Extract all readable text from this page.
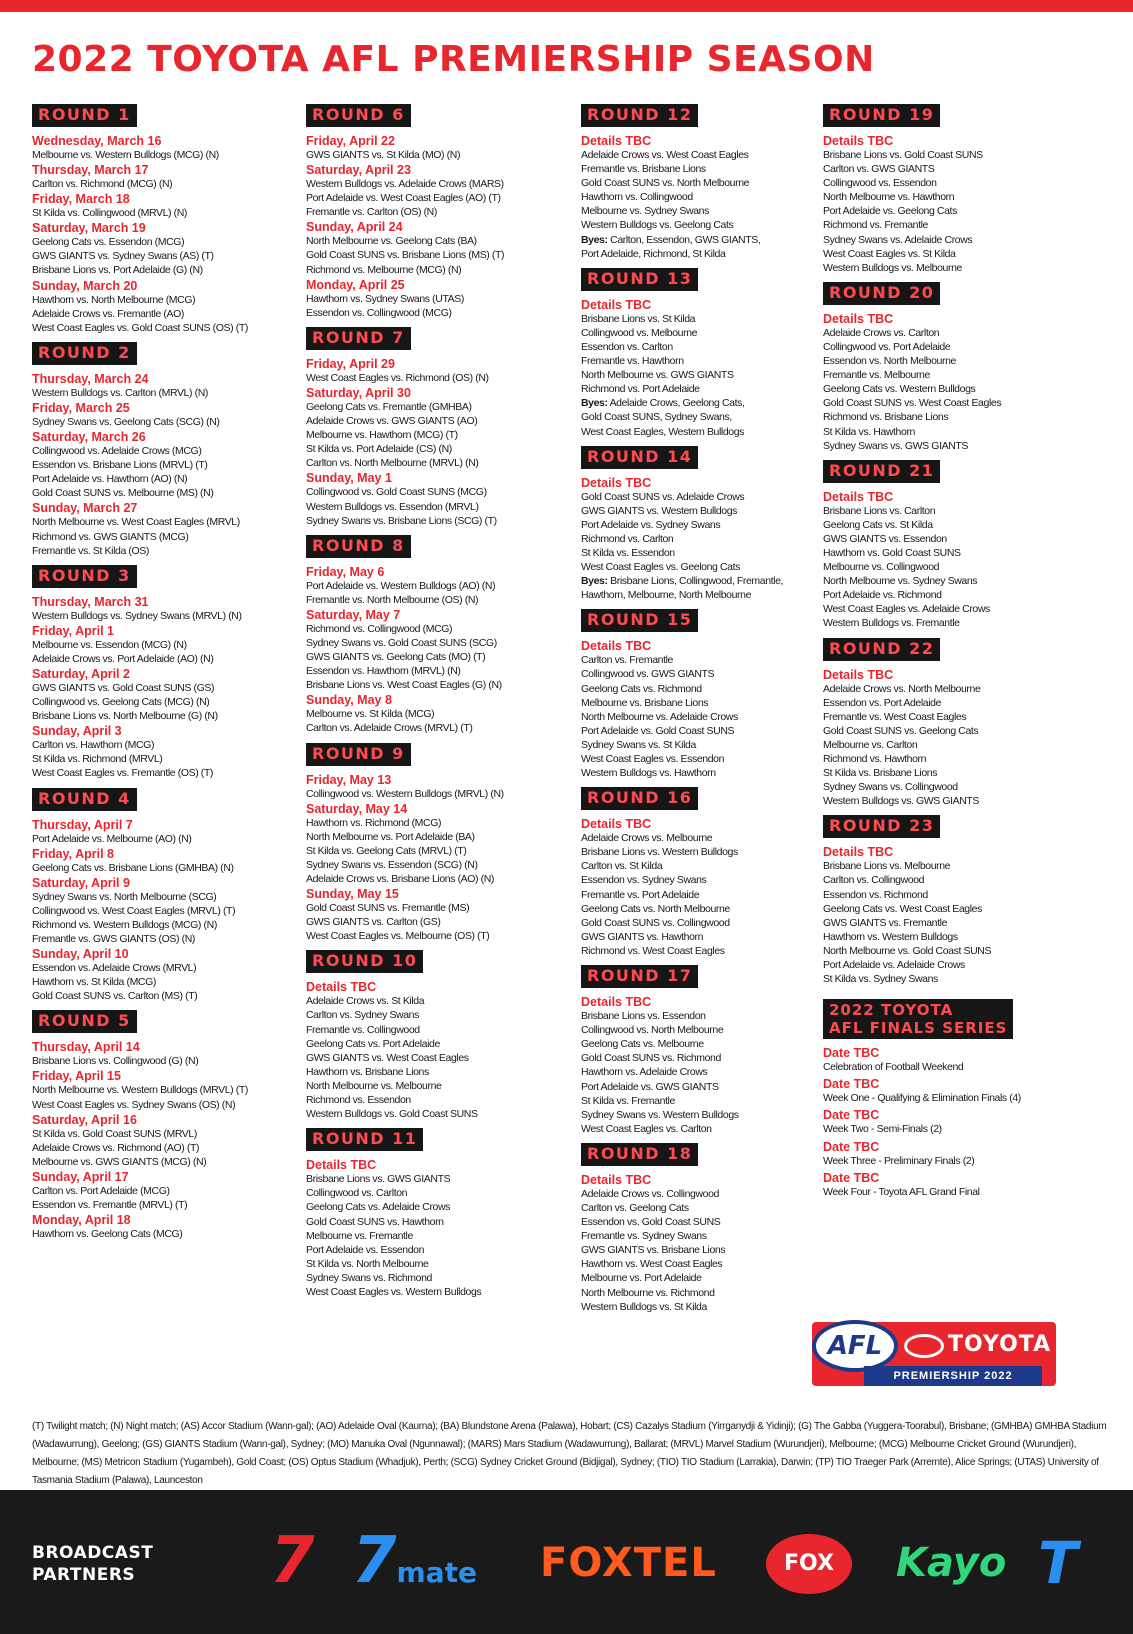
2022 TOYOTA AFL PREMIERSHIP SEASON
ROUND 1
Wednesday, March 16
Melbourne vs. Western Bulldogs (MCG) (N)
Thursday, March 17
Carlton vs. Richmond (MCG) (N)
Friday, March 18
St Kilda vs. Collingwood (MRVL) (N)
Saturday, March 19
Geelong Cats vs. Essendon (MCG)
GWS GIANTS vs. Sydney Swans (AS) (T)
Brisbane Lions vs. Port Adelaide (G) (N)
Sunday, March 20
Hawthorn vs. North Melbourne (MCG)
Adelaide Crows vs. Fremantle (AO)
West Coast Eagles vs. Gold Coast SUNS (OS) (T)
ROUND 2
Thursday, March 24
Western Bulldogs vs. Carlton (MRVL) (N)
Friday, March 25
Sydney Swans vs. Geelong Cats (SCG) (N)
Saturday, March 26
Collingwood vs. Adelaide Crows (MCG)
Essendon vs. Brisbane Lions (MRVL) (T)
Port Adelaide vs. Hawthorn (AO) (N)
Gold Coast SUNS vs. Melbourne (MS) (N)
Sunday, March 27
North Melbourne vs. West Coast Eagles (MRVL)
Richmond vs. GWS GIANTS (MCG)
Fremantle vs. St Kilda (OS)
ROUND 3
Thursday, March 31
Western Bulldogs vs. Sydney Swans (MRVL) (N)
Friday, April 1
Melbourne vs. Essendon (MCG) (N)
Adelaide Crows vs. Port Adelaide (AO) (N)
Saturday, April 2
GWS GIANTS vs. Gold Coast SUNS (GS)
Collingwood vs. Geelong Cats (MCG) (N)
Brisbane Lions vs. North Melbourne (G) (N)
Sunday, April 3
Carlton vs. Hawthorn (MCG)
St Kilda vs. Richmond (MRVL)
West Coast Eagles vs. Fremantle (OS) (T)
ROUND 4
Thursday, April 7
Port Adelaide vs. Melbourne (AO) (N)
Friday, April 8
Geelong Cats vs. Brisbane Lions (GMHBA) (N)
Saturday, April 9
Sydney Swans vs. North Melbourne (SCG)
Collingwood vs. West Coast Eagles (MRVL) (T)
Richmond vs. Western Bulldogs (MCG) (N)
Fremantle vs. GWS GIANTS (OS) (N)
Sunday, April 10
Essendon vs. Adelaide Crows (MRVL)
Hawthorn vs. St Kilda (MCG)
Gold Coast SUNS vs. Carlton (MS) (T)
ROUND 5
Thursday, April 14
Brisbane Lions vs. Collingwood (G) (N)
Friday, April 15
North Melbourne vs. Western Bulldogs (MRVL) (T)
West Coast Eagles vs. Sydney Swans (OS) (N)
Saturday, April 16
St Kilda vs. Gold Coast SUNS (MRVL)
Adelaide Crows vs. Richmond (AO) (T)
Melbourne vs. GWS GIANTS (MCG) (N)
Sunday, April 17
Carlton vs. Port Adelaide (MCG)
Essendon vs. Fremantle (MRVL) (T)
Monday, April 18
Hawthorn vs. Geelong Cats (MCG)
ROUND 6
Friday, April 22
GWS GIANTS vs. St Kilda (MO) (N)
Saturday, April 23
Western Bulldogs vs. Adelaide Crows (MARS)
Port Adelaide vs. West Coast Eagles (AO) (T)
Fremantle vs. Carlton (OS) (N)
Sunday, April 24
North Melbourne vs. Geelong Cats (BA)
Gold Coast SUNS vs. Brisbane Lions (MS) (T)
Richmond vs. Melbourne (MCG) (N)
Monday, April 25
Hawthorn vs. Sydney Swans (UTAS)
Essendon vs. Collingwood (MCG)
ROUND 7
Friday, April 29
West Coast Eagles vs. Richmond (OS) (N)
Saturday, April 30
Geelong Cats vs. Fremantle (GMHBA)
Adelaide Crows vs. GWS GIANTS (AO)
Melbourne vs. Hawthorn (MCG) (T)
St Kilda vs. Port Adelaide (CS) (N)
Carlton vs. North Melbourne (MRVL) (N)
Sunday, May 1
Collingwood vs. Gold Coast SUNS (MCG)
Western Bulldogs vs. Essendon (MRVL)
Sydney Swans vs. Brisbane Lions (SCG) (T)
ROUND 8
Friday, May 6
Port Adelaide vs. Western Bulldogs (AO) (N)
Fremantle vs. North Melbourne (OS) (N)
Saturday, May 7
Richmond vs. Collingwood (MCG)
Sydney Swans vs. Gold Coast SUNS (SCG)
GWS GIANTS vs. Geelong Cats (MO) (T)
Essendon vs. Hawthorn (MRVL) (N)
Brisbane Lions vs. West Coast Eagles (G) (N)
Sunday, May 8
Melbourne vs. St Kilda (MCG)
Carlton vs. Adelaide Crows (MRVL) (T)
ROUND 9
Friday, May 13
Collingwood vs. Western Bulldogs (MRVL) (N)
Saturday, May 14
Hawthorn vs. Richmond (MCG)
North Melbourne vs. Port Adelaide (BA)
St Kilda vs. Geelong Cats (MRVL) (T)
Sydney Swans vs. Essendon (SCG) (N)
Adelaide Crows vs. Brisbane Lions (AO) (N)
Sunday, May 15
Gold Coast SUNS vs. Fremantle (MS)
GWS GIANTS vs. Carlton (GS)
West Coast Eagles vs. Melbourne (OS) (T)
ROUND 10
Details TBC
Adelaide Crows vs. St Kilda
Carlton vs. Sydney Swans
Fremantle vs. Collingwood
Geelong Cats vs. Port Adelaide
GWS GIANTS vs. West Coast Eagles
Hawthorn vs. Brisbane Lions
North Melbourne vs. Melbourne
Richmond vs. Essendon
Western Bulldogs vs. Gold Coast SUNS
ROUND 11
Details TBC
Brisbane Lions vs. GWS GIANTS
Collingwood vs. Carlton
Geelong Cats vs. Adelaide Crows
Gold Coast SUNS vs. Hawthorn
Melbourne vs. Fremantle
Port Adelaide vs. Essendon
St Kilda vs. North Melbourne
Sydney Swans vs. Richmond
West Coast Eagles vs. Western Bulldogs
ROUND 12
Details TBC
Adelaide Crows vs. West Coast Eagles
Fremantle vs. Brisbane Lions
Gold Coast SUNS vs. North Melbourne
Hawthorn vs. Collingwood
Melbourne vs. Sydney Swans
Western Bulldogs vs. Geelong Cats
Byes: Carlton, Essendon, GWS GIANTS,
Port Adelaide, Richmond, St Kilda
ROUND 13
Details TBC
Brisbane Lions vs. St Kilda
Collingwood vs. Melbourne
Essendon vs. Carlton
Fremantle vs. Hawthorn
North Melbourne vs. GWS GIANTS
Richmond vs. Port Adelaide
Byes: Adelaide Crows, Geelong Cats,
Gold Coast SUNS, Sydney Swans,
West Coast Eagles, Western Bulldogs
ROUND 14
Details TBC
Gold Coast SUNS vs. Adelaide Crows
GWS GIANTS vs. Western Bulldogs
Port Adelaide vs. Sydney Swans
Richmond vs. Carlton
St Kilda vs. Essendon
West Coast Eagles vs. Geelong Cats
Byes: Brisbane Lions, Collingwood, Fremantle,
Hawthorn, Melbourne, North Melbourne
ROUND 15
Details TBC
Carlton vs. Fremantle
Collingwood vs. GWS GIANTS
Geelong Cats vs. Richmond
Melbourne vs. Brisbane Lions
North Melbourne vs. Adelaide Crows
Port Adelaide vs. Gold Coast SUNS
Sydney Swans vs. St Kilda
West Coast Eagles vs. Essendon
Western Bulldogs vs. Hawthorn
ROUND 16
Details TBC
Adelaide Crows vs. Melbourne
Brisbane Lions vs. Western Bulldogs
Carlton vs. St Kilda
Essendon vs. Sydney Swans
Fremantle vs. Port Adelaide
Geelong Cats vs. North Melbourne
Gold Coast SUNS vs. Collingwood
GWS GIANTS vs. Hawthorn
Richmond vs. West Coast Eagles
ROUND 17
Details TBC
Brisbane Lions vs. Essendon
Collingwood vs. North Melbourne
Geelong Cats vs. Melbourne
Gold Coast SUNS vs. Richmond
Hawthorn vs. Adelaide Crows
Port Adelaide vs. GWS GIANTS
St Kilda vs. Fremantle
Sydney Swans vs. Western Bulldogs
West Coast Eagles vs. Carlton
ROUND 18
Details TBC
Adelaide Crows vs. Collingwood
Carlton vs. Geelong Cats
Essendon vs. Gold Coast SUNS
Fremantle vs. Sydney Swans
GWS GIANTS vs. Brisbane Lions
Hawthorn vs. West Coast Eagles
Melbourne vs. Port Adelaide
North Melbourne vs. Richmond
Western Bulldogs vs. St Kilda
ROUND 19
Details TBC
Brisbane Lions vs. Gold Coast SUNS
Carlton vs. GWS GIANTS
Collingwood vs. Essendon
North Melbourne vs. Hawthorn
Port Adelaide vs. Geelong Cats
Richmond vs. Fremantle
Sydney Swans vs. Adelaide Crows
West Coast Eagles vs. St Kilda
Western Bulldogs vs. Melbourne
ROUND 20
Details TBC
Adelaide Crows vs. Carlton
Collingwood vs. Port Adelaide
Essendon vs. North Melbourne
Fremantle vs. Melbourne
Geelong Cats vs. Western Bulldogs
Gold Coast SUNS vs. West Coast Eagles
Richmond vs. Brisbane Lions
St Kilda vs. Hawthorn
Sydney Swans vs. GWS GIANTS
ROUND 21
Details TBC
Brisbane Lions vs. Carlton
Geelong Cats vs. St Kilda
GWS GIANTS vs. Essendon
Hawthorn vs. Gold Coast SUNS
Melbourne vs. Collingwood
North Melbourne vs. Sydney Swans
Port Adelaide vs. Richmond
West Coast Eagles vs. Adelaide Crows
Western Bulldogs vs. Fremantle
ROUND 22
Details TBC
Adelaide Crows vs. North Melbourne
Essendon vs. Port Adelaide
Fremantle vs. West Coast Eagles
Gold Coast SUNS vs. Geelong Cats
Melbourne vs. Carlton
Richmond vs. Hawthorn
St Kilda vs. Brisbane Lions
Sydney Swans vs. Collingwood
Western Bulldogs vs. GWS GIANTS
ROUND 23
Details TBC
Brisbane Lions vs. Melbourne
Carlton vs. Collingwood
Essendon vs. Richmond
Geelong Cats vs. West Coast Eagles
GWS GIANTS vs. Fremantle
Hawthorn vs. Western Bulldogs
North Melbourne vs. Gold Coast SUNS
Port Adelaide vs. Adelaide Crows
St Kilda vs. Sydney Swans
2022 TOYOTA
AFL FINALS SERIES
Date TBC
Celebration of Football Weekend
Date TBC
Week One - Qualifying & Elimination Finals (4)
Date TBC
Week Two - Semi-Finals (2)
Date TBC
Week Three - Preliminary Finals (2)
Date TBC
Week Four - Toyota AFL Grand Final
AFL	TOYOTA
PREMIERSHIP 2022
(T) Twilight match; (N) Night match; (AS) Accor Stadium (Wann-gal); (AO) Adelaide Oval (Kaurna); (BA) Blundstone Arena (Palawa), Hobart; (CS) Cazalys Stadium (Yirrganydji & Yidinji); (G) The Gabba (Yuggera-Toorabul), Brisbane; (GMHBA) GMHBA Stadium (Wadawurrung), Geelong; (GS) GIANTS Stadium (Wann-gal), Sydney; (MO) Manuka Oval (Ngunnawal); (MARS) Mars Stadium (Wadawurrung), Ballarat; (MRVL) Marvel Stadium (Wurundjeri), Melbourne; (MCG) Melbourne Cricket Ground (Wurundjeri), Melbourne; (MS) Metricon Stadium (Yugambeh), Gold Coast; (OS) Optus Stadium (Whadjuk), Perth; (SCG) Sydney Cricket Ground (Bidjigal), Sydney; (TIO) TIO Stadium (Larrakia), Darwin; (TP) TIO Traeger Park (Arrernte), Alice Springs; (UTAS) University of Tasmania Stadium (Palawa), Launceston
BROADCAST
PARTNERS 7 7mate FOXTEL	FOX	Kayo T
